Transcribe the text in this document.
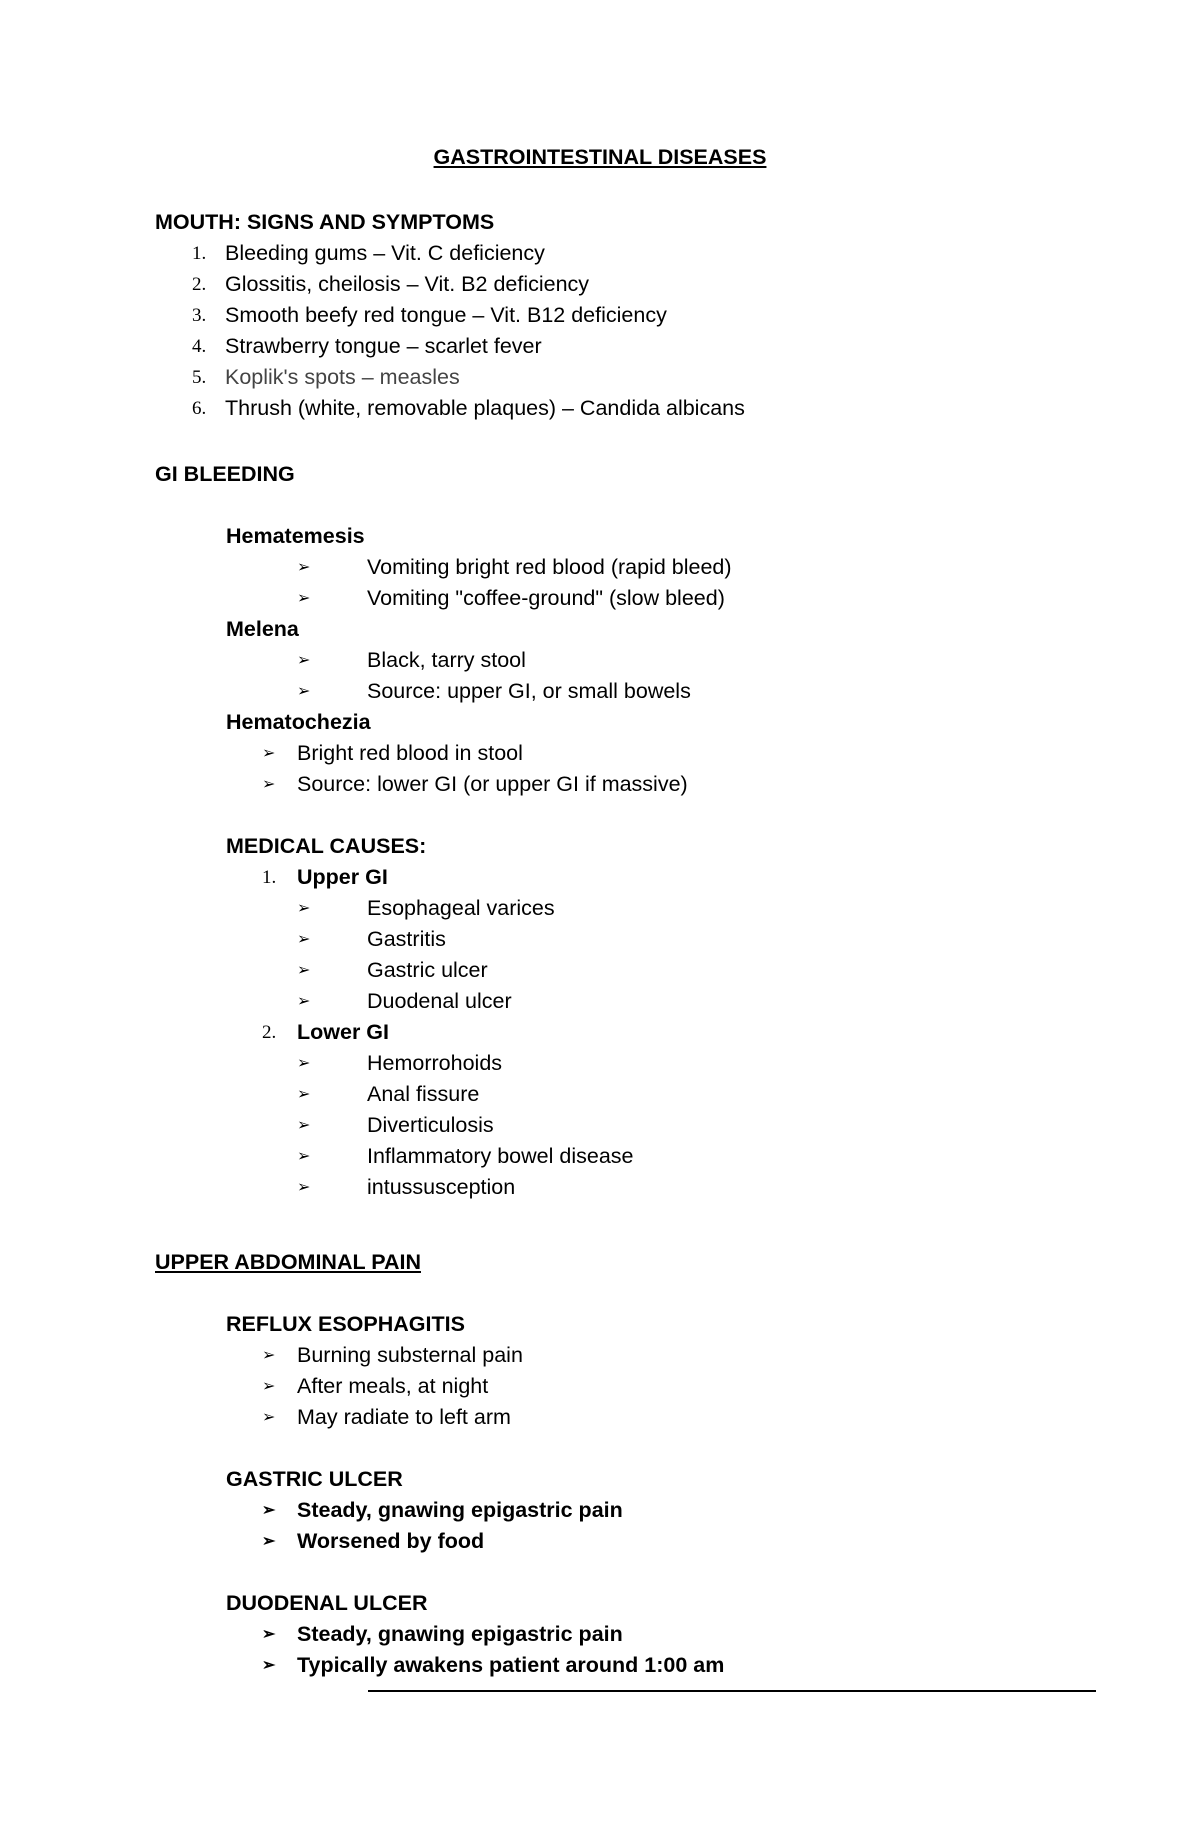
GASTROINTESTINAL DISEASES
MOUTH: SIGNS AND SYMPTOMS
1. Bleeding gums – Vit. C deficiency
2. Glossitis, cheilosis – Vit. B2 deficiency
3. Smooth beefy red tongue – Vit. B12 deficiency
4. Strawberry tongue – scarlet fever
5. Koplik's spots – measles
6. Thrush (white, removable plaques) – Candida albicans
GI BLEEDING
Hematemesis
➢	Vomiting bright red blood (rapid bleed)
➢	Vomiting "coffee-ground" (slow bleed)
Melena
➢	Black, tarry stool
➢	Source: upper GI, or small bowels
Hematochezia
➢ Bright red blood in stool
➢ Source: lower GI (or upper GI if massive)
MEDICAL CAUSES:
1. Upper GI
➢	Esophageal varices
➢	Gastritis
➢	Gastric ulcer
➢	Duodenal ulcer
2. Lower GI
➢	Hemorrohoids
➢	Anal fissure
➢	Diverticulosis
➢	Inflammatory bowel disease
➢	intussusception
UPPER ABDOMINAL PAIN
REFLUX ESOPHAGITIS
➢ Burning substernal pain
➢ After meals, at night
➢ May radiate to left arm
GASTRIC ULCER
➢ Steady, gnawing epigastric pain
➢ Worsened by food
DUODENAL ULCER
➢ Steady, gnawing epigastric pain
➢ Typically awakens patient around 1:00 am
